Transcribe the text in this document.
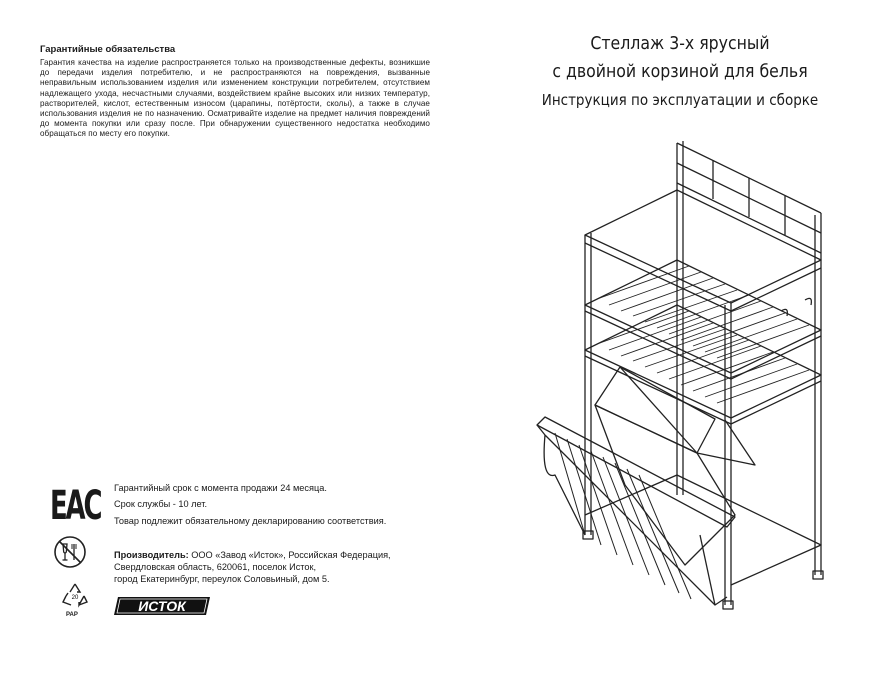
Гарантийные обязательства

Гарантия качества на изделие распространяется только на производственные дефекты, возникшие до передачи изделия потребителю, и не распространяются на повреждения, вызванные неправильным использованием изделия или изменением конструкции потребителем, отсутствием надлежащего ухода, несчастными случаями, воздействием крайне высоких или низких температур, растворителей, кислот, естественным износом (царапины, потёртости, сколы), а также в случае использования изделия не по назначению. Осматривайте изделие на предмет наличия повреждений до момента покупки или сразу после. При обнаружении существенного недостатка необходимо обращаться по месту его покупки.

ЕАС Гарантийный срок с момента продажи 24 месяца.
Срок службы - 10 лет.
Товар подлежит обязательному декларированию соответствия.
20
PAP
Производитель: ООО «Завод «Исток», Российская Федерация,
Свердловская область, 620061, поселок Исток,
город Екатеринбург, переулок Соловьиный, дом 5.
ИСТОК
Стеллаж 3-х ярусный
с двойной корзиной для белья
Инструкция по эксплуатации и сборке
